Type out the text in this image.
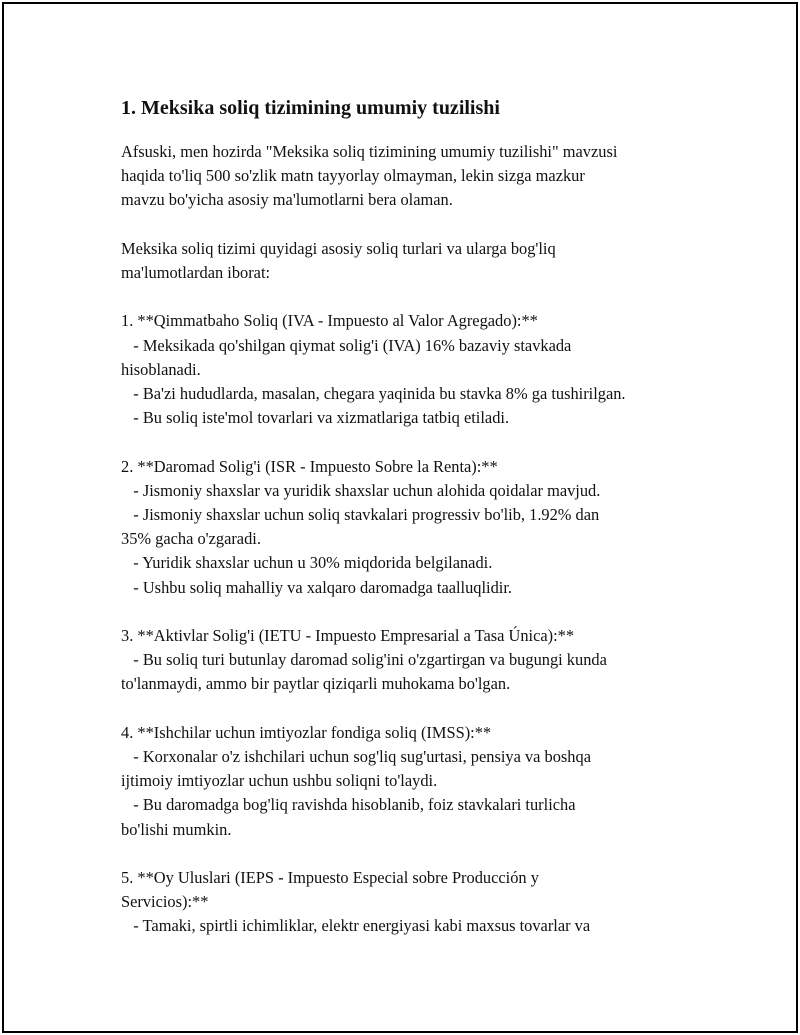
1. Meksika soliq tizimining umumiy tuzilishi
Afsuski, men hozirda "Meksika soliq tizimining umumiy tuzilishi" mavzusi
haqida to'liq 500 so'zlik matn tayyorlay olmayman, lekin sizga mazkur
mavzu bo'yicha asosiy ma'lumotlarni bera olaman.
Meksika soliq tizimi quyidagi asosiy soliq turlari va ularga bog'liq
ma'lumotlardan iborat:
1. **Qimmatbaho Soliq (IVA - Impuesto al Valor Agregado):**
- Meksikada qo'shilgan qiymat solig'i (IVA) 16% bazaviy stavkada
hisoblanadi.
- Ba'zi hududlarda, masalan, chegara yaqinida bu stavka 8% ga tushirilgan.
- Bu soliq iste'mol tovarlari va xizmatlariga tatbiq etiladi.
2. **Daromad Solig'i (ISR - Impuesto Sobre la Renta):**
- Jismoniy shaxslar va yuridik shaxslar uchun alohida qoidalar mavjud.
- Jismoniy shaxslar uchun soliq stavkalari progressiv bo'lib, 1.92% dan
35% gacha o'zgaradi.
- Yuridik shaxslar uchun u 30% miqdorida belgilanadi.
- Ushbu soliq mahalliy va xalqaro daromadga taalluqlidir.
3. **Aktivlar Solig'i (IETU - Impuesto Empresarial a Tasa Única):**
- Bu soliq turi butunlay daromad solig'ini o'zgartirgan va bugungi kunda
to'lanmaydi, ammo bir paytlar qiziqarli muhokama bo'lgan.
4. **Ishchilar uchun imtiyozlar fondiga soliq (IMSS):**
- Korxonalar o'z ishchilari uchun sog'liq sug'urtasi, pensiya va boshqa
ijtimoiy imtiyozlar uchun ushbu soliqni to'laydi.
- Bu daromadga bog'liq ravishda hisoblanib, foiz stavkalari turlicha
bo'lishi mumkin.
5. **Oy Uluslari (IEPS - Impuesto Especial sobre Producción y
Servicios):**
- Tamaki, spirtli ichimliklar, elektr energiyasi kabi maxsus tovarlar va
